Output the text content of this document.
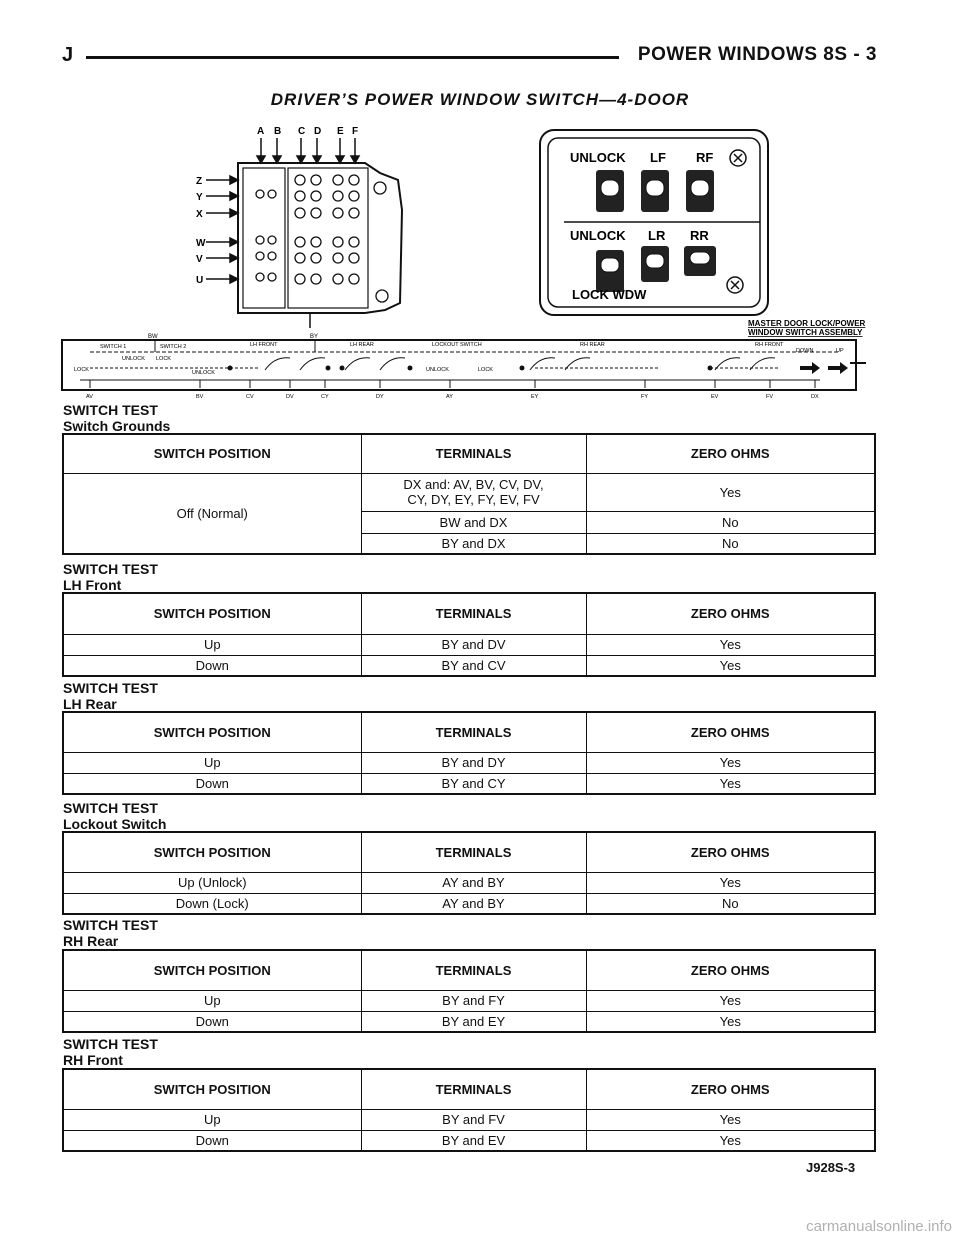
J	POWER WINDOWS 8S - 3
DRIVER’S POWER WINDOW SWITCH—4-DOOR
A B C D E F
Z
Y
X
W
V
U
UNLOCK LF RF
UNLOCK LR RR
LOCK WDW
MASTER DOOR LOCK/POWER
WINDOW SWITCH ASSEMBLY
BW	BY
SWITCH 1	SWITCH 2	LH FRONT	LH REAR	LOCKOUT SWITCH	RH REAR	RH FRONT
UNLOCK LOCK
LOCK	UNLOCK	UNLOCK	LOCK
DOWN	UP
AV	BV	CV	DV	CY	DY	AY	EY	FY	EV	FV	DX
SWITCH TEST
Switch Grounds
SWITCH POSITION	TERMINALS	ZERO OHMS
Off (Normal)	DX and: AV, BV, CV, DV,
CY, DY, EY, FY, EV, FV	Yes
	BW and DX	No
	BY and DX	No
SWITCH TEST
LH Front
SWITCH POSITION	TERMINALS	ZERO OHMS
Up	BY and DV	Yes
Down	BY and CV	Yes
SWITCH TEST
LH Rear
SWITCH POSITION	TERMINALS	ZERO OHMS
Up	BY and DY	Yes
Down	BY and CY	Yes
SWITCH TEST
Lockout Switch
SWITCH POSITION	TERMINALS	ZERO OHMS
Up (Unlock)	AY and BY	Yes
Down (Lock)	AY and BY	No
SWITCH TEST
RH Rear
SWITCH POSITION	TERMINALS	ZERO OHMS
Up	BY and FY	Yes
Down	BY and EY	Yes
SWITCH TEST
RH Front
SWITCH POSITION	TERMINALS	ZERO OHMS
Up	BY and FV	Yes
Down	BY and EV	Yes
J928S-3
carmanualsonline.info
